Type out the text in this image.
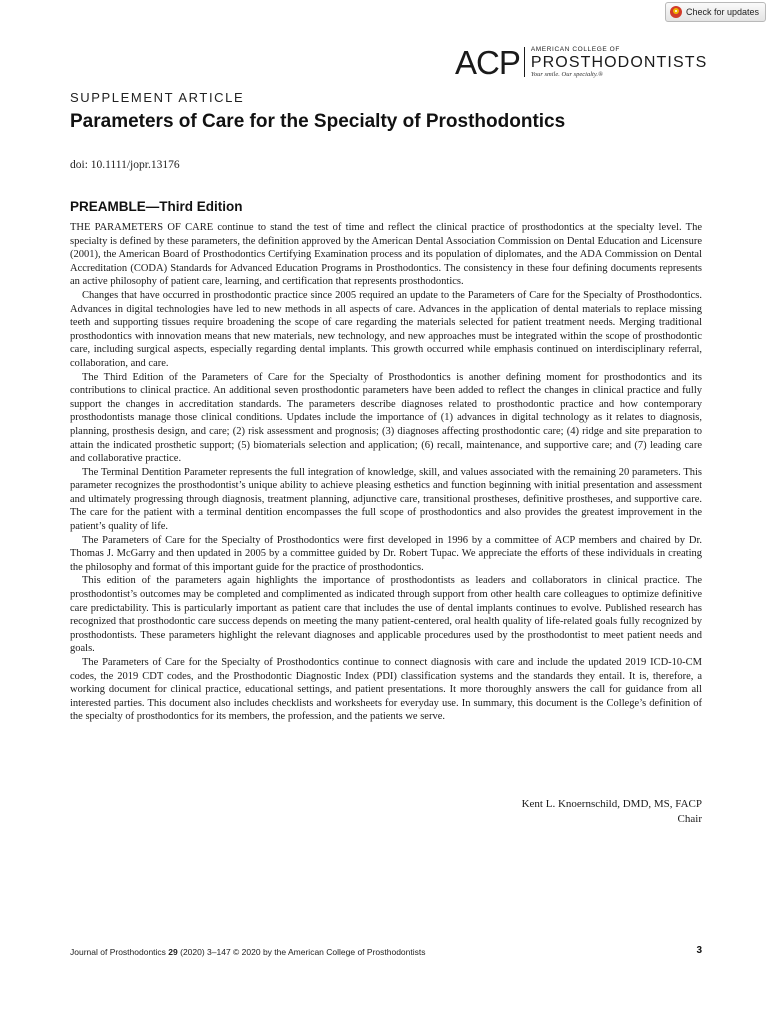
Check for updates
ACP AMERICAN COLLEGE OF
PROSTHODONTISTS
Your smile. Our specialty.®
SUPPLEMENT ARTICLE
Parameters of Care for the Specialty of Prosthodontics
doi: 10.1111/jopr.13176
PREAMBLE—Third Edition

THE PARAMETERS OF CARE continue to stand the test of time and reflect the clinical practice of prosthodontics at the specialty level. The specialty is defined by these parameters, the definition approved by the American Dental Association Commission on Dental Education and Licensure (2001), the American Board of Prosthodontics Certifying Examination process and its population of diplomates, and the ADA Commission on Dental Accreditation (CODA) Standards for Advanced Education Programs in Prosthodontics. The consistency in these four defining documents represents an active philosophy of patient care, learning, and certification that represents prosthodontics.

Changes that have occurred in prosthodontic practice since 2005 required an update to the Parameters of Care for the Specialty of Prosthodontics. Advances in digital technologies have led to new methods in all aspects of care. Advances in the application of dental materials to replace missing teeth and supporting tissues require broadening the scope of care regarding the materials selected for patient treatment needs. Merging traditional prosthodontics with innovation means that new materials, new technology, and new approaches must be integrated within the scope of prosthodontic care, including surgical aspects, especially regarding dental implants. This growth occurred while emphasis continued on interdisciplinary referral, collaboration, and care.

The Third Edition of the Parameters of Care for the Specialty of Prosthodontics is another defining moment for prosthodontics and its contributions to clinical practice. An additional seven prosthodontic parameters have been added to reflect the changes in clinical practice and fully support the changes in accreditation standards. The parameters describe diagnoses related to prosthodontic practice and how contemporary prosthodontists manage those clinical conditions. Updates include the importance of (1) advances in digital technology as it relates to diagnosis, planning, prosthesis design, and care; (2) risk assessment and prognosis; (3) diagnoses affecting prosthodontic care; (4) ridge and site preparation to attain the indicated prosthetic support; (5) biomaterials selection and application; (6) recall, maintenance, and supportive care; and (7) leading care and collaborative practice.

The Terminal Dentition Parameter represents the full integration of knowledge, skill, and values associated with the remaining 20 parameters. This parameter recognizes the prosthodontist’s unique ability to achieve pleasing esthetics and function beginning with initial presentation and assessment and ultimately progressing through diagnosis, treatment planning, adjunctive care, transitional prostheses, definitive prostheses, and supportive care. The care for the patient with a terminal dentition encompasses the full scope of prosthodontics and also provides the greatest improvement in the patient’s quality of life.

The Parameters of Care for the Specialty of Prosthodontics were first developed in 1996 by a committee of ACP members and chaired by Dr. Thomas J. McGarry and then updated in 2005 by a committee guided by Dr. Robert Tupac. We appreciate the efforts of these individuals in creating the philosophy and format of this important guide for the practice of prosthodontics.

This edition of the parameters again highlights the importance of prosthodontists as leaders and collaborators in clinical practice. The prosthodontist’s outcomes may be completed and complimented as indicated through support from other health care colleagues to optimize definitive care predictability. This is particularly important as patient care that includes the use of dental implants continues to evolve. Published research has recognized that prosthodontic care success depends on meeting the many patient-centered, oral health quality of life-related goals fully recognized by prosthodontists. These parameters highlight the relevant diagnoses and applicable procedures used by the prosthodontist to meet patient needs and goals.

The Parameters of Care for the Specialty of Prosthodontics continue to connect diagnosis with care and include the updated 2019 ICD-10-CM codes, the 2019 CDT codes, and the Prosthodontic Diagnostic Index (PDI) classification systems and the standards they entail. It is, therefore, a working document for clinical practice, educational settings, and patient presentations. It more thoroughly answers the call for guidance from all interested parties. This document also includes checklists and worksheets for everyday use. In summary, this document is the College’s definition of the specialty of prosthodontics for its members, the profession, and the patients we serve.

Kent L. Knoernschild, DMD, MS, FACP
Chair
Journal of Prosthodontics 29 (2020) 3–147 © 2020 by the American College of Prosthodontists	3
